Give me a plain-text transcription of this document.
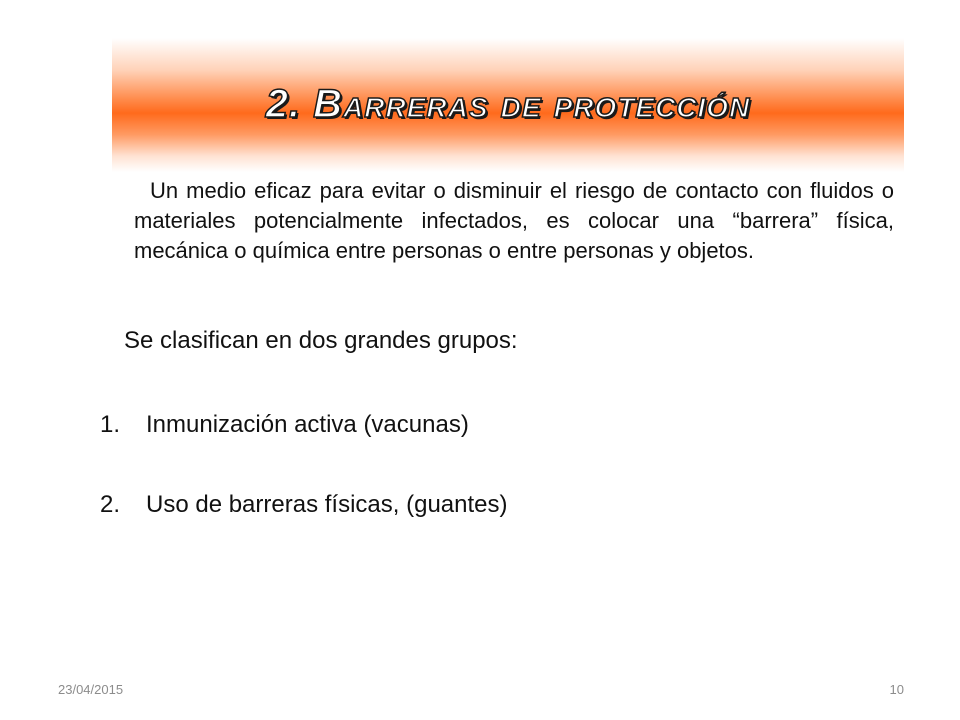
2. Barreras de protección

Un medio eficaz para evitar o disminuir el riesgo de contacto con fluidos o materiales potencialmente infectados, es colocar una “barrera” física, mecánica o química entre personas o entre personas y objetos.

Se clasifican en dos grandes grupos:

1. Inmunización activa (vacunas)
2. Uso de barreras físicas, (guantes)
23/04/2015	10
